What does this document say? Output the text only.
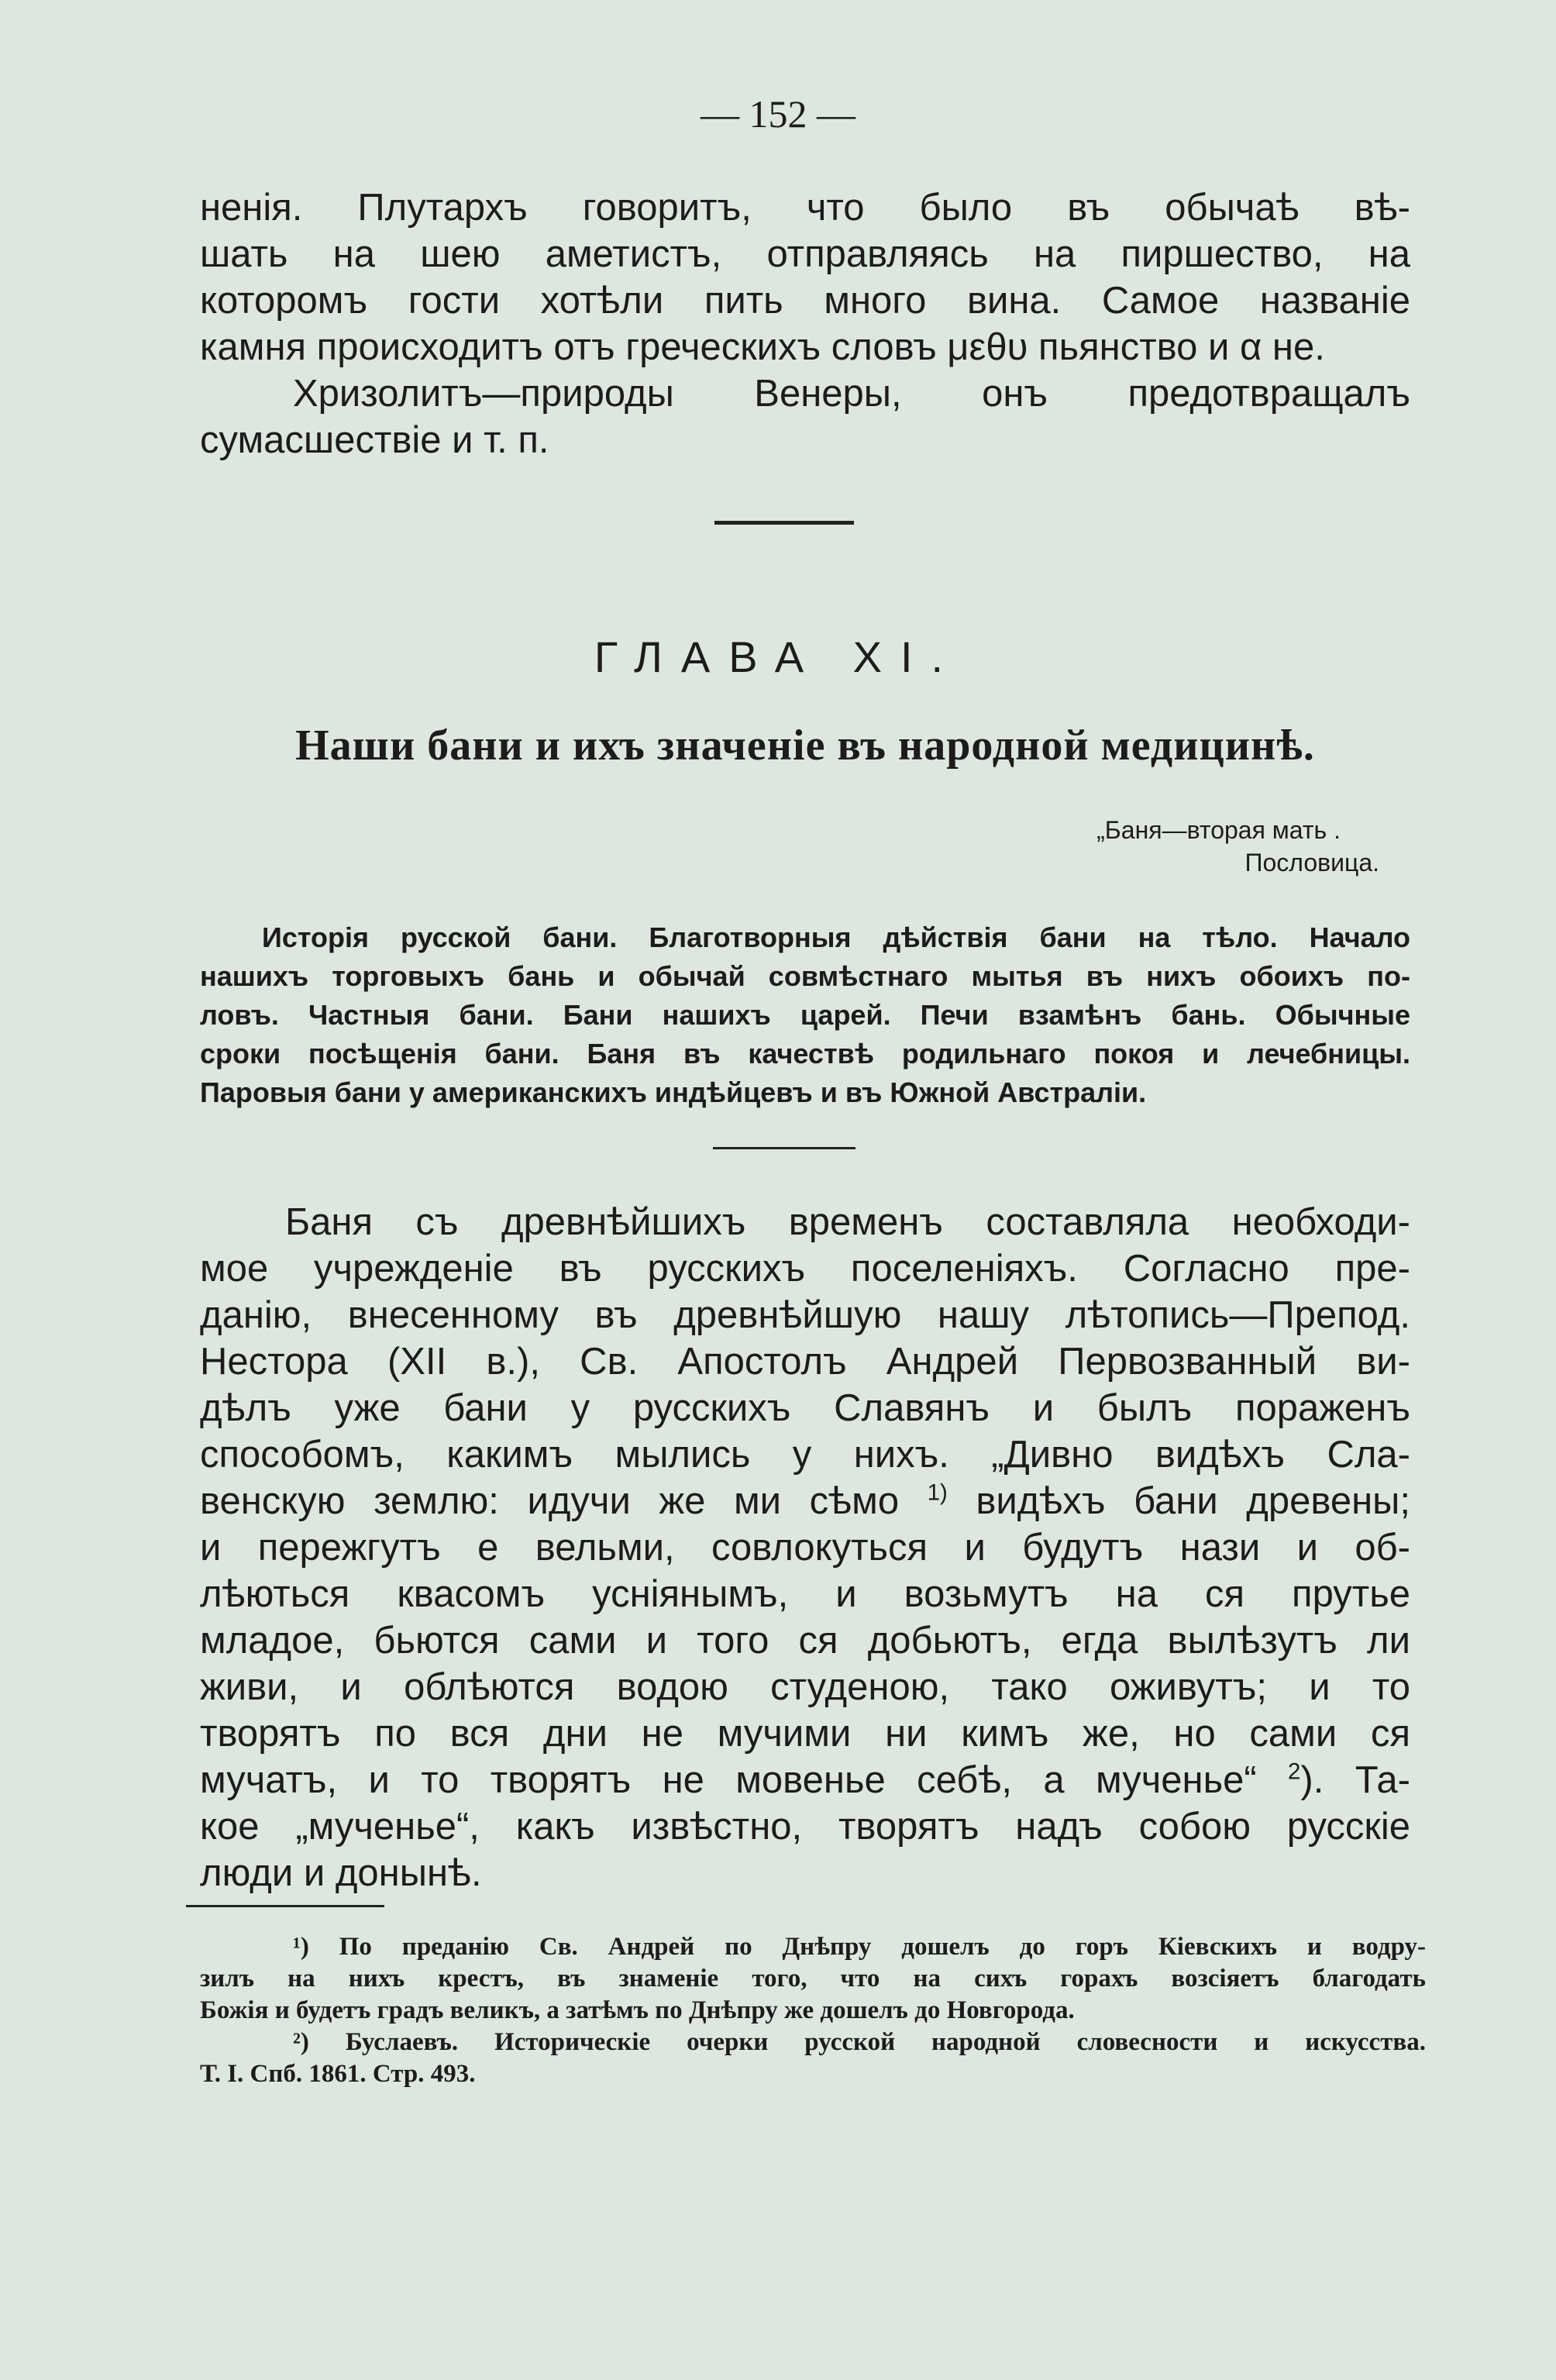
— 152 —
ненія. Плутархъ говоритъ, что было въ обычаѣ вѣ-
шать на шею аметистъ, отправляясь на пиршество, на
которомъ гости хотѣли пить много вина. Самое названіе
камня происходитъ отъ греческихъ словъ μεθυ пьянство и α не.
Хризолитъ—природы Венеры, онъ предотвращалъ
сумасшествіе и т. п.
ГЛАВА XI.
Наши бани и ихъ значеніе въ народной медицинѣ.
„Баня—вторая мать .
Пословица.
Исторія русской бани. Благотворныя дѣйствія бани на тѣло. Начало
нашихъ торговыхъ бань и обычай совмѣстнаго мытья въ нихъ обоихъ по-
ловъ. Частныя бани. Бани нашихъ царей. Печи взамѣнъ бань. Обычные
сроки посѣщенія бани. Баня въ качествѣ родильнаго покоя и лечебницы.
Паровыя бани у американскихъ индѣйцевъ и въ Южной Австраліи.
Баня съ древнѣйшихъ временъ составляла необходи-
мое учрежденіе въ русскихъ поселеніяхъ. Согласно пре-
данію, внесенному въ древнѣйшую нашу лѣтопись—Препод.
Нестора (XII в.), Св. Апостолъ Андрей Первозванный ви-
дѣлъ уже бани у русскихъ Славянъ и былъ пораженъ
способомъ, какимъ мылись у нихъ. „Дивно видѣхъ Сла-
венскую землю: идучи же ми сѣмо $^{1)}$ видѣхъ бани древены;
и пережгутъ е вельми, совлокуться и будутъ нази и об-
лѣються квасомъ усніянымъ, и возьмутъ на ся прутье
младое, бьются сами и того ся добьютъ, егда вылѣзутъ ли
живи, и облѣются водою студеною, тако оживутъ; и то
творятъ по вся дни не мучими ни кимъ же, но сами ся
мучатъ, и то творятъ не мовенье себѣ, а мученье“ $^2$). Та-
кое „мученье“, какъ извѣстно, творятъ надъ собою русскіе
люди и донынѣ.
¹) По преданію Св. Андрей по Днѣпру дошелъ до горъ Кіевскихъ и водру-
зилъ на нихъ крестъ, въ знаменіе того, что на сихъ горахъ возсіяетъ благодать
Божія и будетъ градъ великъ, а затѣмъ по Днѣпру же дошелъ до Новгорода.
²) Буслаевъ. Историческіе очерки русской народной словесности и искусства.
Т. I. Спб. 1861. Стр. 493.
